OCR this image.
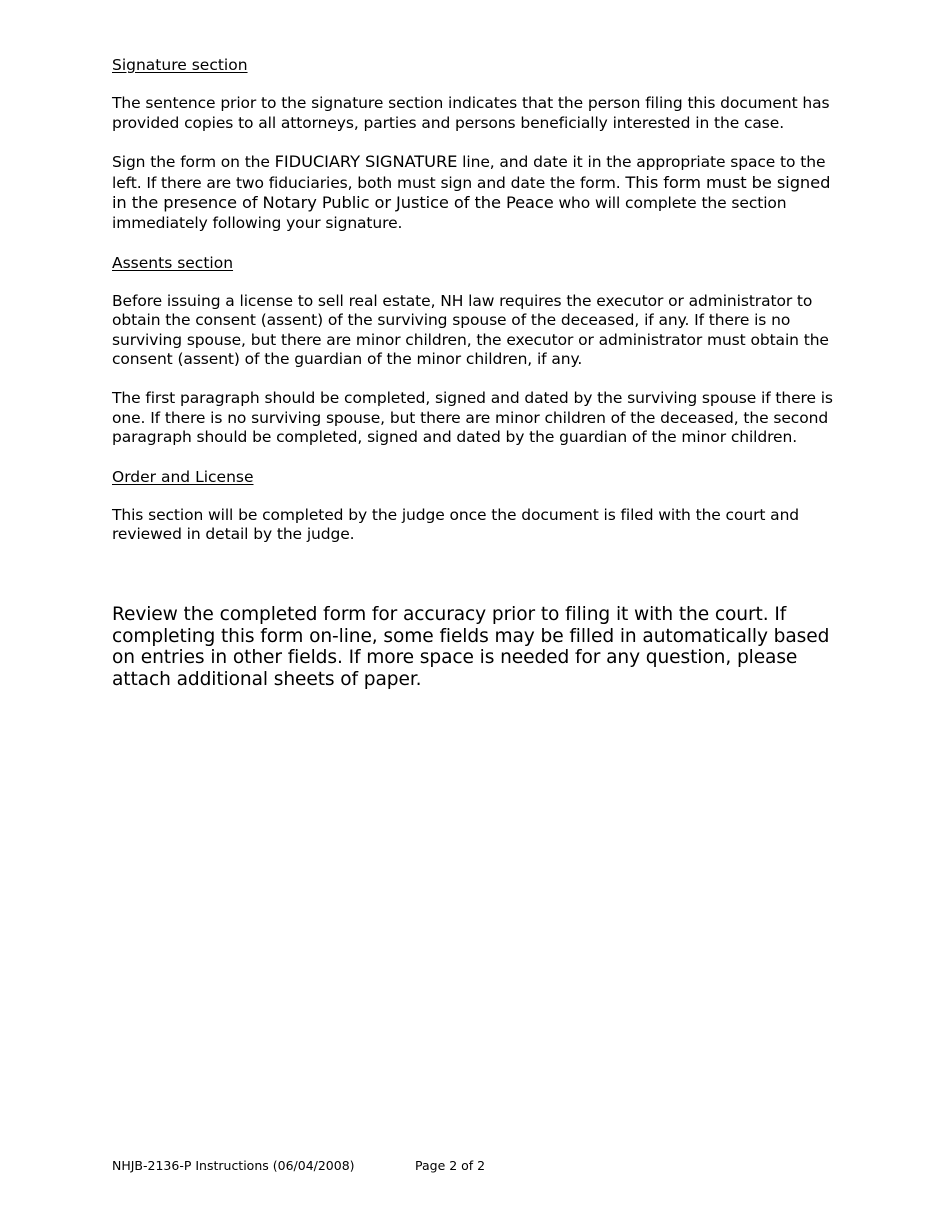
Signature section

The sentence prior to the signature section indicates that the person filing this document has provided copies to all attorneys, parties and persons beneficially interested in the case.

Sign the form on the FIDUCIARY SIGNATURE line, and date it in the appropriate space to the left. If there are two fiduciaries, both must sign and date the form. This form must be signed in the presence of Notary Public or Justice of the Peace who will complete the section immediately following your signature.

Assents section

Before issuing a license to sell real estate, NH law requires the executor or administrator to obtain the consent (assent) of the surviving spouse of the deceased, if any. If there is no surviving spouse, but there are minor children, the executor or administrator must obtain the consent (assent) of the guardian of the minor children, if any.

The first paragraph should be completed, signed and dated by the surviving spouse if there is one. If there is no surviving spouse, but there are minor children of the deceased, the second paragraph should be completed, signed and dated by the guardian of the minor children.

Order and License

This section will be completed by the judge once the document is filed with the court and reviewed in detail by the judge.

Review the completed form for accuracy prior to filing it with the court. If completing this form on-line, some fields may be filled in automatically based on entries in other fields. If more space is needed for any question, please attach additional sheets of paper.

NHJB-2136-P Instructions (06/04/2008)	Page 2 of 2
